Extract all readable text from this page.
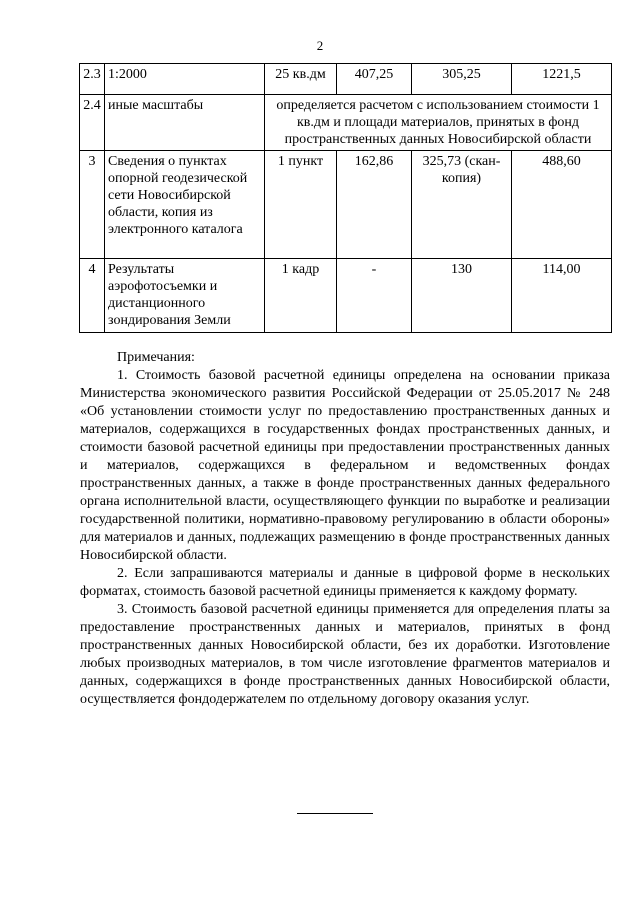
2
2.3	1:2000	25 кв.дм	407,25	305,25	1221,5
2.4	иные масштабы	определяется расчетом с использованием стоимости 1 кв.дм и площади материалов, принятых в фонд пространственных данных Новосибирской области			
3	Сведения о пунктах опорной геодезической сети Новосибирской области, копия из электронного каталога	1 пункт	162,86	325,73 (скан-копия)	488,60
4	Результаты аэрофотосъемки и дистанционного зондирования Земли	1 кадр	-	130	114,00

Примечания:

1. Стоимость базовой расчетной единицы определена на основании приказа Министерства экономического развития Российской Федерации от 25.05.2017 № 248 «Об установлении стоимости услуг по предоставлению пространственных данных и материалов, содержащихся в государственных фондах пространственных данных, и стоимости базовой расчетной единицы при предоставлении пространственных данных и материалов, содержащихся в федеральном и ведомственных фондах пространственных данных, а также в фонде пространственных данных федерального органа исполнительной власти, осуществляющего функции по выработке и реализации государственной политики, нормативно-правовому регулированию в области обороны» для материалов и данных, подлежащих размещению в фонде пространственных данных Новосибирской области.

2. Если запрашиваются материалы и данные в цифровой форме в нескольких форматах, стоимость базовой расчетной единицы применяется к каждому формату.

3. Стоимость базовой расчетной единицы применяется для определения платы за предоставление пространственных данных и материалов, принятых в фонд пространственных данных Новосибирской области, без их доработки. Изготовление любых производных материалов, в том числе изготовление фрагментов материалов и данных, содержащихся в фонде пространственных данных Новосибирской области, осуществляется фондодержателем по отдельному договору оказания услуг.
